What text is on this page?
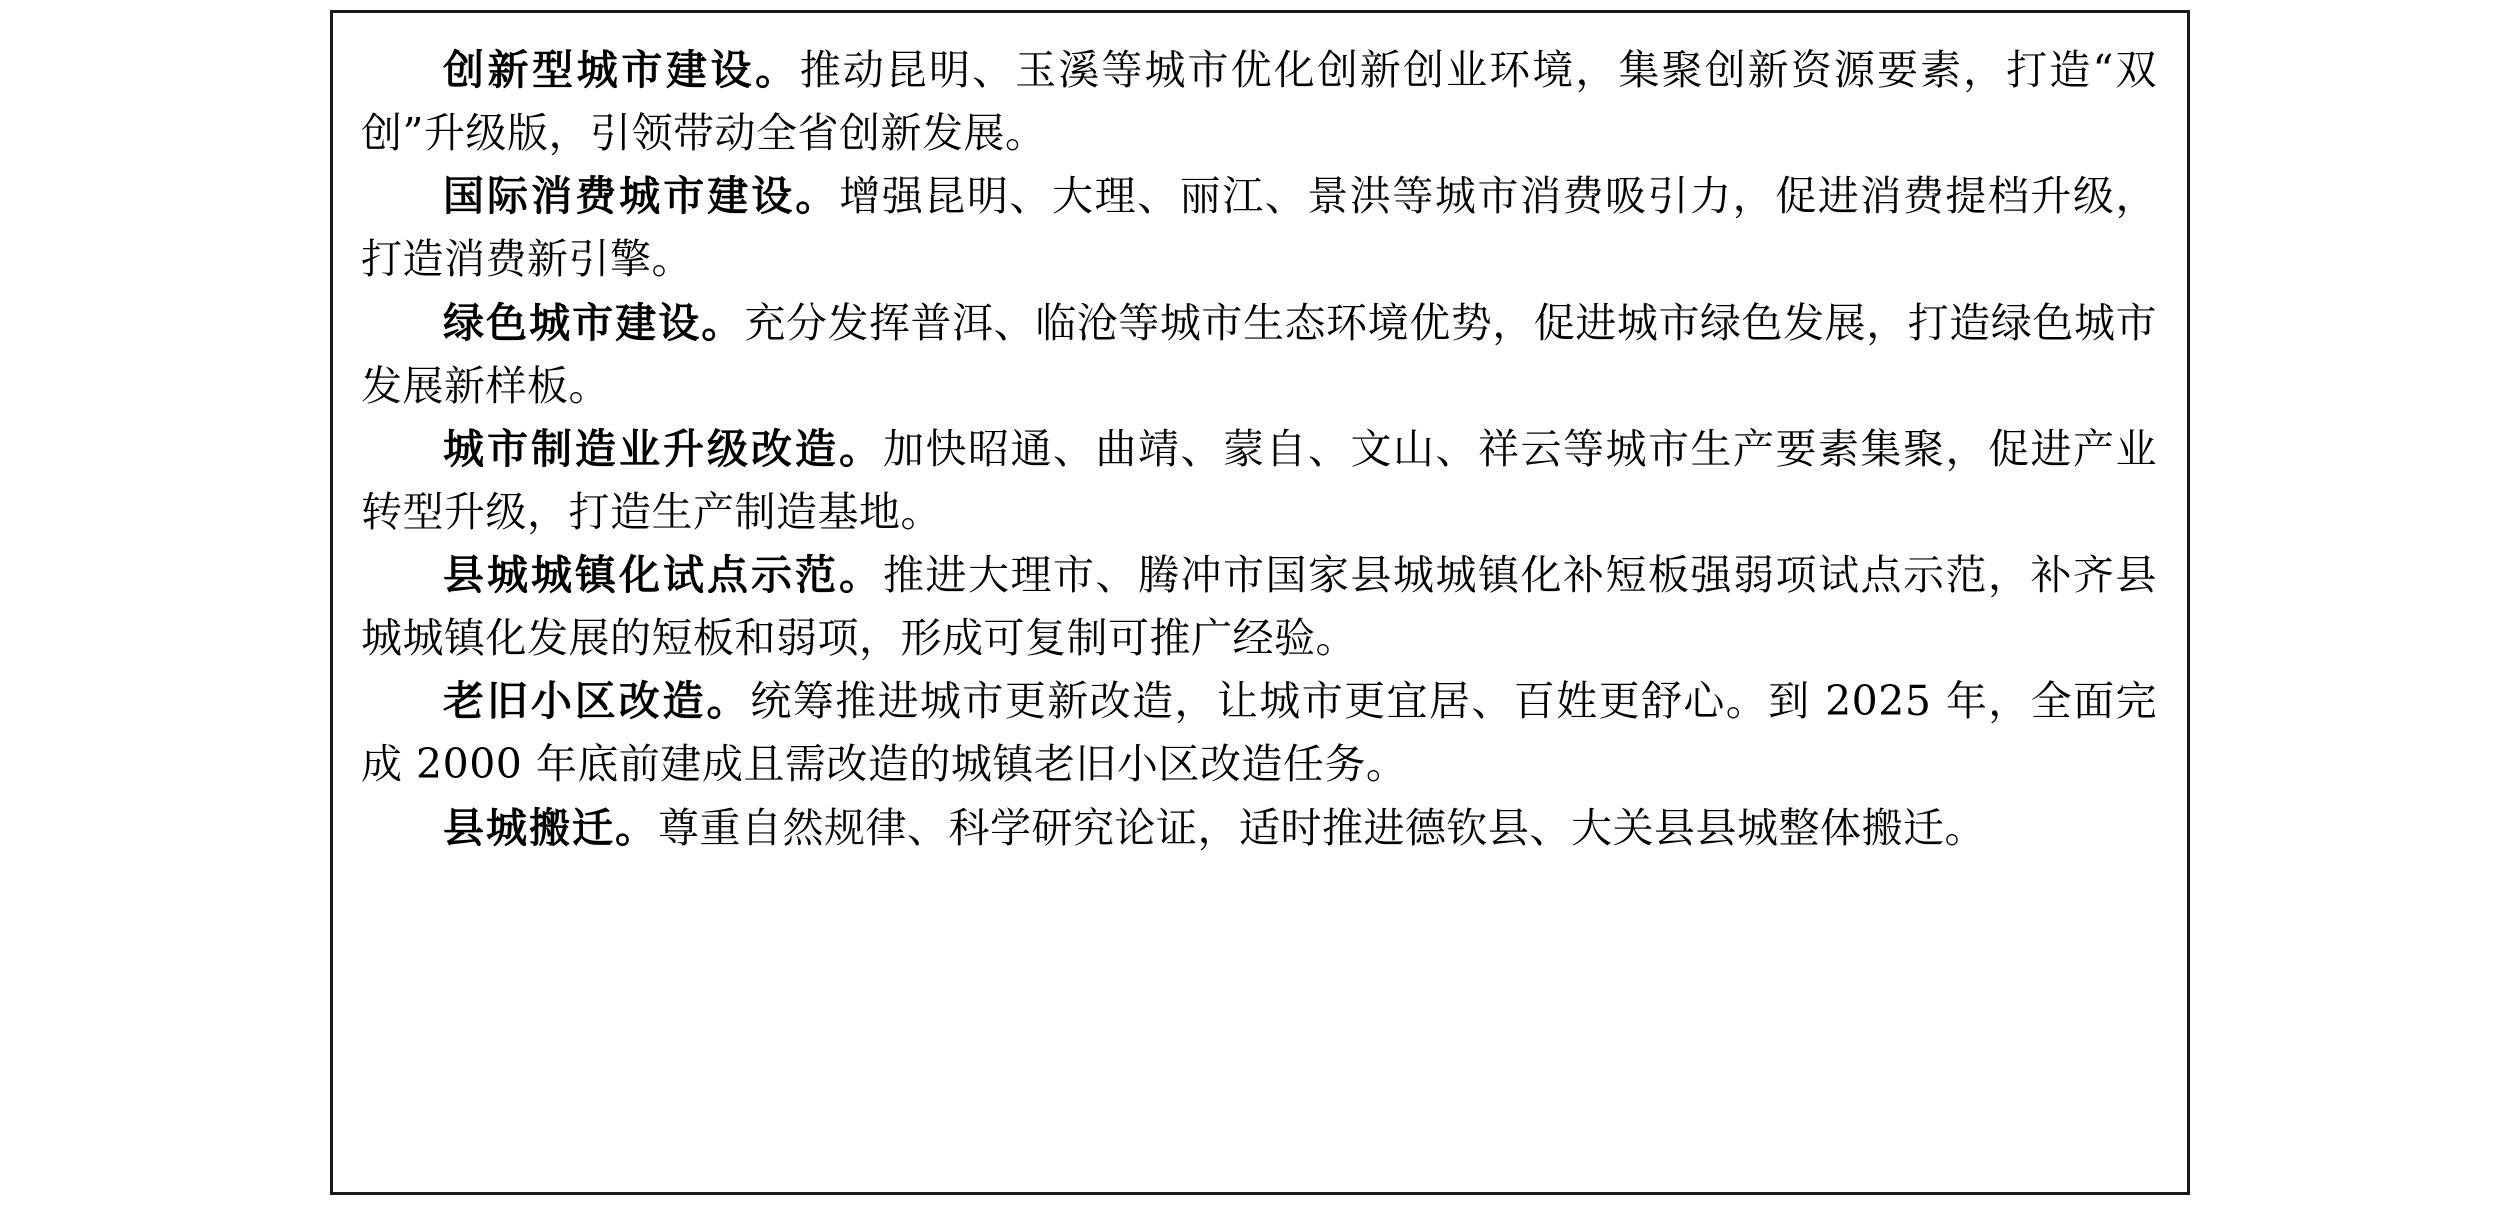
创新型城市建设。推动昆明、玉溪等城市优化创新创业环境，集聚创新资源要素，打造“双创”升级版，引领带动全省创新发展。

国际消费城市建设。增强昆明、大理、丽江、景洪等城市消费吸引力，促进消费提档升级，打造消费新引擎。

绿色城市建设。充分发挥普洱、临沧等城市生态环境优势，促进城市绿色发展，打造绿色城市发展新样板。

城市制造业升级改造。加快昭通、曲靖、蒙自、文山、祥云等城市生产要素集聚，促进产业转型升级，打造生产制造基地。

县城城镇化试点示范。推进大理市、腾冲市国家县城城镇化补短板强弱项试点示范，补齐县城城镇化发展的短板和弱项，形成可复制可推广经验。

老旧小区改造。统筹推进城市更新改造，让城市更宜居、百姓更舒心。到 2025 年，全面完成 2000 年底前建成且需改造的城镇老旧小区改造任务。

县城搬迁。尊重自然规律、科学研究论证，适时推进德钦县、大关县县城整体搬迁。
